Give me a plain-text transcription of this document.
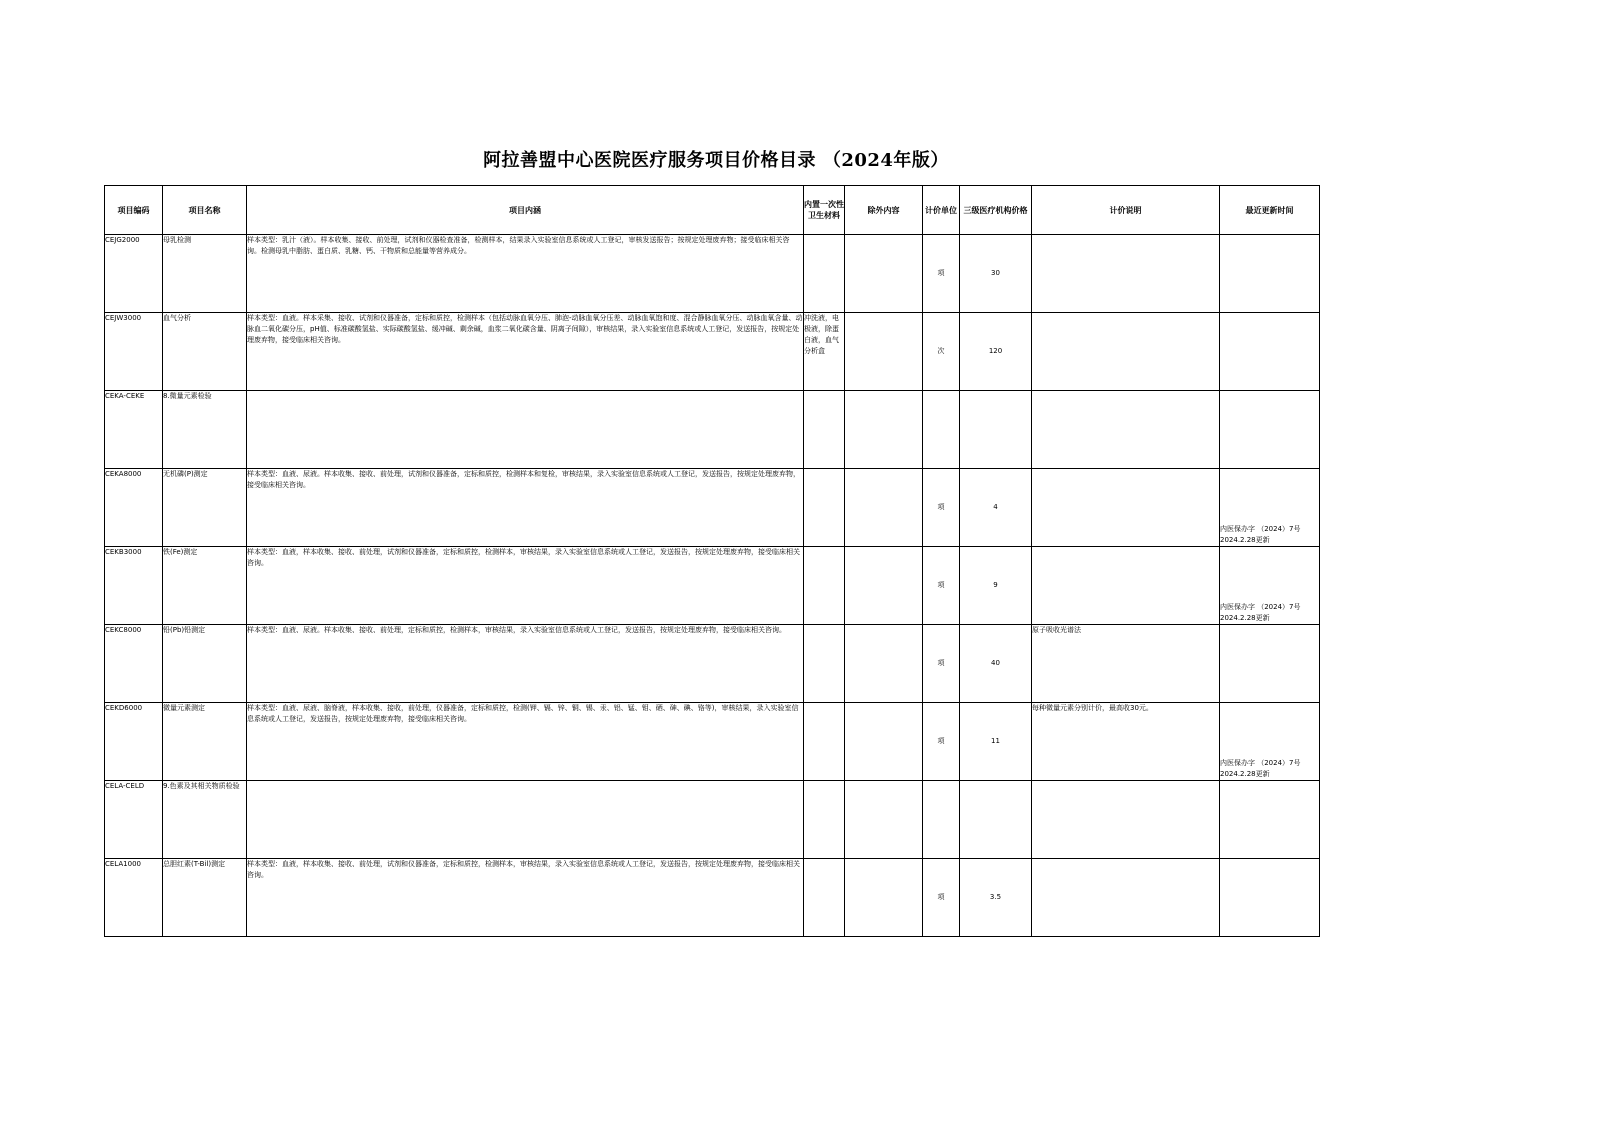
阿拉善盟中心医院医疗服务项目价格目录 （2024年版）
项目编码	项目名称	项目内涵	内置一次性卫生材料	除外内容	计价单位	三级医疗机构价格	计价说明	最近更新时间
CEJG2000	母乳检测	样本类型：乳汁（液）。样本收集、接收、前处理，试剂和仪器检查准备，检测样本，结果录入实验室信息系统或人工登记，审核发送报告；按规定处理废弃物；接受临床相关咨询。检测母乳中脂肪、蛋白质、乳糖、钙、干物质和总能量等营养成分。			项	30		
CEJW3000	血气分析	样本类型：血液。样本采集、接收、试剂和仪器准备，定标和质控，检测样本（包括动脉血氧分压、肺泡-动脉血氧分压差、动脉血氧饱和度、混合静脉血氧分压、动脉血氧含量、动脉血二氧化碳分压，pH值、标准碳酸氢盐、实际碳酸氢盐、缓冲碱、剩余碱，血浆二氧化碳含量、阴离子间隙），审核结果，录入实验室信息系统或人工登记，发送报告，按规定处理废弃物，接受临床相关咨询。	冲洗液，电极液，除蛋白液，血气分析盒		次	120		
CEKA-CEKE	8.微量元素检验							
CEKA8000	无机磷(P)测定	样本类型：血液、尿液。样本收集、接收、前处理，试剂和仪器准备，定标和质控，检测样本和复检，审核结果，录入实验室信息系统或人工登记，发送报告，按规定处理废弃物，接受临床相关咨询。			项	4		内医保办字 （2024）7号 2024.2.28更新
CEKB3000	铁(Fe)测定	样本类型：血液，样本收集、接收、前处理，试剂和仪器准备，定标和质控，检测样本，审核结果，录入实验室信息系统或人工登记，发送报告，按规定处理废弃物，接受临床相关咨询。			项	9		内医保办字 （2024）7号 2024.2.28更新
CEKC8000	铅(Pb)铅测定	样本类型：血液、尿液。样本收集、接收、前处理，定标和质控，检测样本，审核结果，录入实验室信息系统或人工登记，发送报告，按规定处理废弃物，接受临床相关咨询。			项	40	原子吸收光谱法	
CEKD6000	微量元素测定	样本类型：血液、尿液、脑脊液，样本收集、接收，前处理，仪器准备，定标和质控，检测(钾、镉、锌、铜、锡、汞、铝、锰、钼、硒、砷、碘、铬等)，审核结果，录入实验室信息系统或人工登记，发送报告，按规定处理废弃物，接受临床相关咨询。			项	11	每种微量元素分别计价，最高收30元。	内医保办字 （2024）7号 2024.2.28更新
CELA-CELD	9.色素及其相关物质检验							
CELA1000	总胆红素(T-Bil)测定	样本类型：血液，样本收集、接收、前处理，试剂和仪器准备，定标和质控，检测样本，审核结果，录入实验室信息系统或人工登记，发送报告，按规定处理废弃物，接受临床相关咨询。			项	3.5		
